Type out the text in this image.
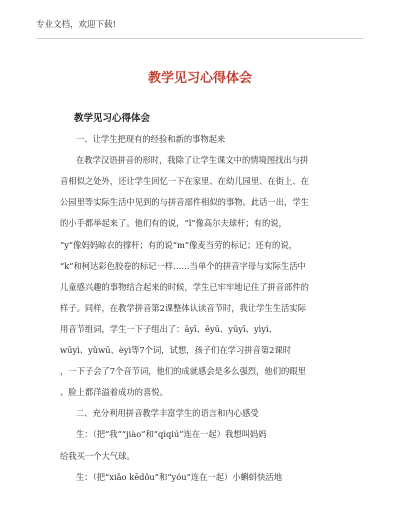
专业文档，欢迎下载!
教学见习心得体会
教学见习心得体会
一、让学生把现有的经验和新的事物起来

在教学汉语拼音的形时，我除了让学生课文中的情境图找出与拼

音相似之处外，还让学生回忆一下在家里、在幼儿园里、在街上、在

公园里等实际生活中见到的与拼音部件相似的事物。此话一出，学生

的小手都举起来了。他们有的说，“l”像高尔夫球杆；有的说，

“y”像妈妈晾衣的撑杆；有的说“m”像麦当劳的标记；还有的说，

“k”和柯达彩色胶卷的标记一样……当单个的拼音字母与实际生活中

儿童感兴趣的事物结合起来的时候，学生已牢牢地记住了拼音部件的

样子。同样，在教学拼音第2课整体认读音节时，我让学生生活实际

用音节组词，学生一下子组出了：āyī、ēyū、yūyī、yìyì、

wūyì、yǔwū、èyì等7个词，试想，孩子们在学习拼音第2课时

，一下子会了7个音节词，他们的成就感会是多么强烈，他们的眼里

、脸上都洋溢着成功的喜悦。

二、充分利用拼音教学丰富学生的语言和内心感受

生：（把“我”“jiào”和“qìqiú”连在一起）我想叫妈妈

给我买一个大气球。

生：（把“xiǎo kēdǒu”和“yóu”连在一起）小蝌蚪快活地
